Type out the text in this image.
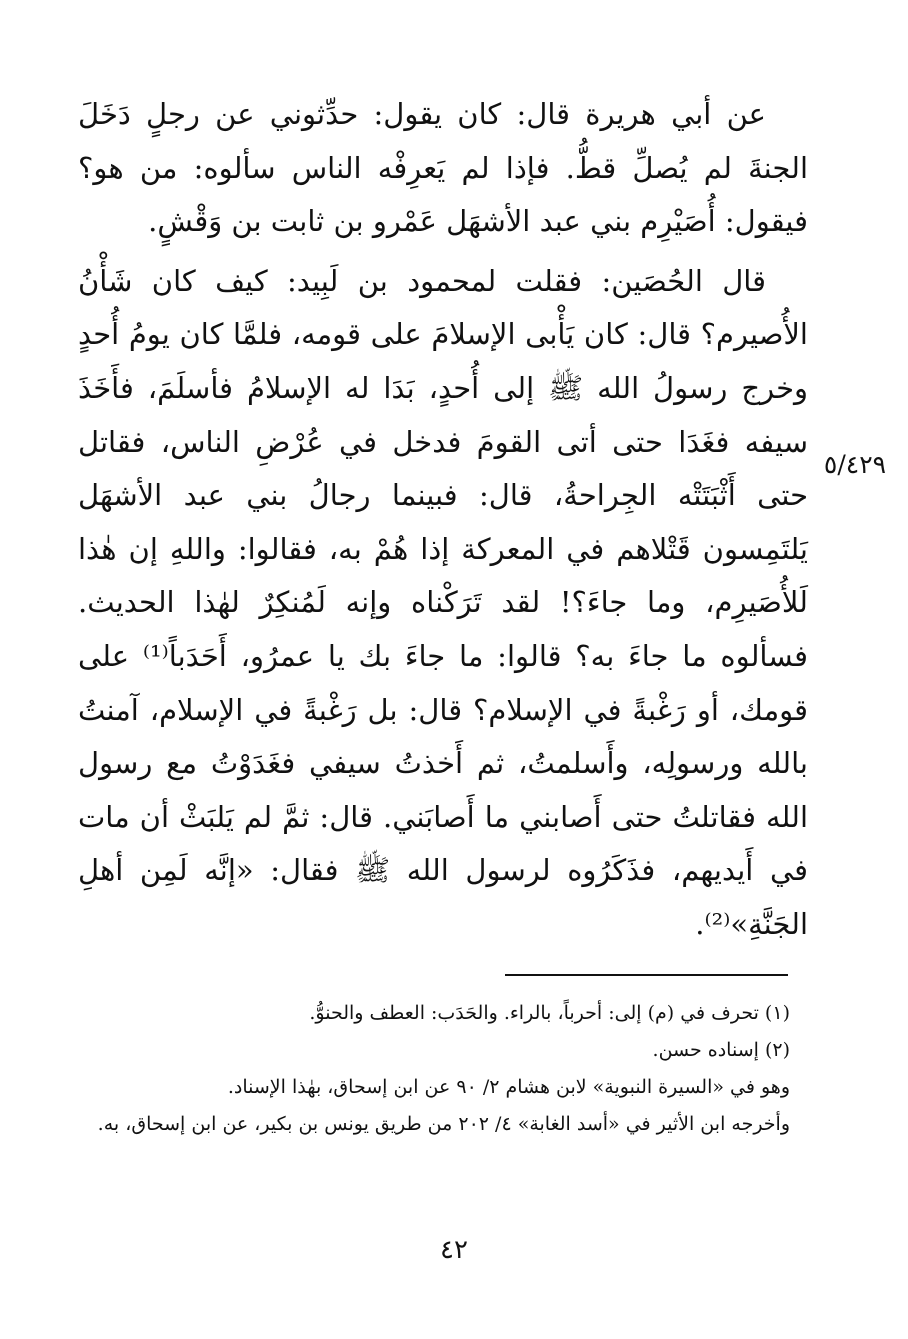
عن أبي هريرة قال: كان يقول: حدِّثوني عن رجلٍ دَخَلَ الجنةَ لم يُصلِّ قطُّ. فإذا لم يَعرِفْه الناس سألوه: من هو؟ فيقول: أُصَيْرِم بني عبد الأشهَل عَمْرو بن ثابت بن وَقْشٍ.

قال الحُصَين: فقلت لمحمود بن لَبِيد: كيف كان شَأْنُ الأُصيرم؟ قال: كان يَأْبى الإسلامَ على قومه، فلمَّا كان يومُ أُحدٍ وخرج رسولُ الله ﷺ إلى أُحدٍ، بَدَا له الإسلامُ فأسلَمَ، فأَخَذَ سيفه فغَدَا حتى أتى القومَ فدخل في عُرْضِ الناس، فقاتل حتى أَثْبَتَتْه الجِراحةُ، قال: فبينما رجالُ بني عبد الأشهَل يَلتَمِسون قَتْلاهم في المعركة إذا هُمْ به، فقالوا: واللهِ إن هٰذا لَلأُصَيرِم، وما جاءَ؟! لقد تَرَكْناه وإنه لَمُنكِرٌ لهٰذا الحديث. فسألوه ما جاءَ به؟ قالوا: ما جاءَ بك يا عمرُو، أَحَدَباً⁽¹⁾ على قومك، أو رَغْبةً في الإسلام؟ قال: بل رَغْبةً في الإسلام، آمنتُ بالله ورسولِه، وأَسلمتُ، ثم أَخذتُ سيفي فغَدَوْتُ مع رسول الله فقاتلتُ حتى أَصابني ما أَصابَني. قال: ثمَّ لم يَلبَثْ أن مات في أَيديهم، فذَكَرُوه لرسول الله ﷺ فقال: «إنَّه لَمِن أهلِ الجَنَّةِ»⁽²⁾.

٥/٤٢٩

(١) تحرف في (م) إلى: أحرباً، بالراء. والحَدَب: العطف والحنوُّ.

(٢) إسناده حسن.

وهو في «السيرة النبوية» لابن هشام ٢/ ٩٠ عن ابن إسحاق، بهٰذا الإسناد.

وأخرجه ابن الأثير في «أسد الغابة» ٤/ ٢٠٢ من طريق يونس بن بكير، عن ابن إسحاق، به.

٤٢
